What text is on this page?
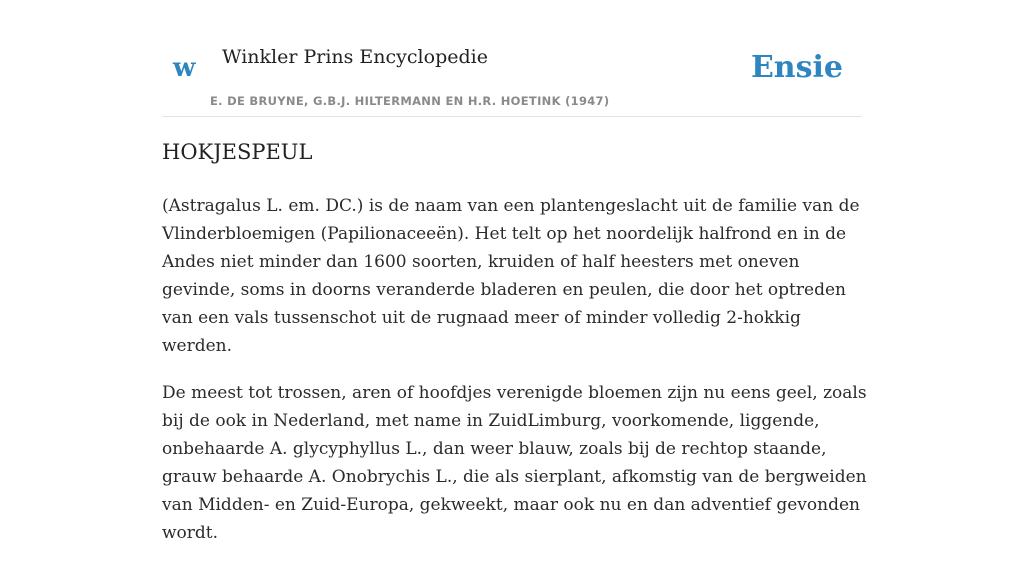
w Winkler Prins Encyclopedie
E. DE BRUYNE, G.B.J. HILTERMANN EN H.R. HOETINK (1947)
Ensie
HOKJESPEUL

(Astragalus L. em. DC.) is de naam van een plantengeslacht uit de familie van de Vlinderbloemigen (Papilionaceeën). Het telt op het noordelijk halfrond en in de Andes niet minder dan 1600 soorten, kruiden of half heesters met oneven gevinde, soms in doorns veranderde bladeren en peulen, die door het optreden van een vals tussenschot uit de rugnaad meer of minder volledig 2-hokkig werden.

De meest tot trossen, aren of hoofdjes verenigde bloemen zijn nu eens geel, zoals bij de ook in Nederland, met name in ZuidLimburg, voorkomende, liggende, onbehaarde A. glycyphyllus L., dan weer blauw, zoals bij de rechtop staande, grauw behaarde A. Onobrychis L., die als sierplant, afkomstig van de bergweiden van Midden- en Zuid-Europa, gekweekt, maar ook nu en dan adventief gevonden wordt.
